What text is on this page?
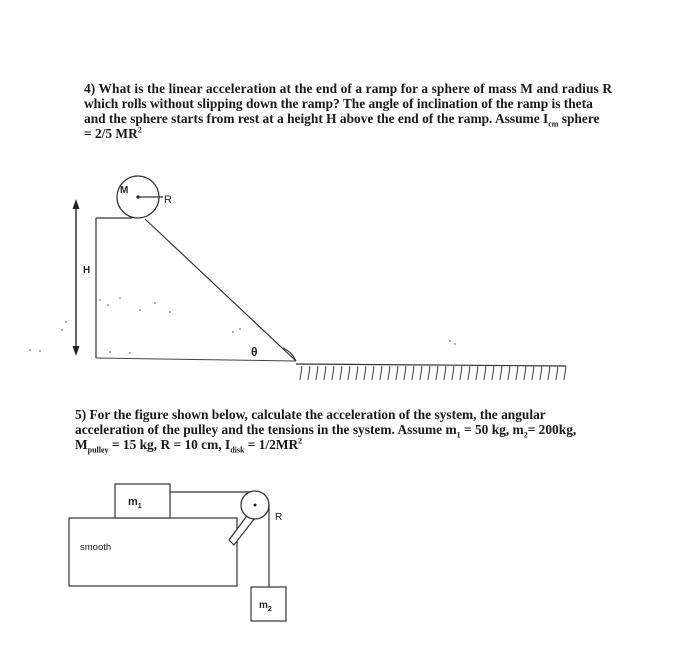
4) What is the linear acceleration at the end of a ramp for a sphere of mass M and radius R
which rolls without slipping down the ramp? The angle of inclination of the ramp is theta
and the sphere starts from rest at a height H above the end of the ramp. Assume $I_{cm}$ sphere
= 2/5 $MR^2$
5) For the figure shown below, calculate the acceleration of the system, the angular
acceleration of the pulley and the tensions in the system. Assume $m_1 = 50$ kg, $m_2= 200kg$,
$M_{pulley} = 15$ kg, R = 10 cm, $I_{disk} = 1/2MR^2$
H
M
R
θ
smooth
$m_1$
R
$m_2$
